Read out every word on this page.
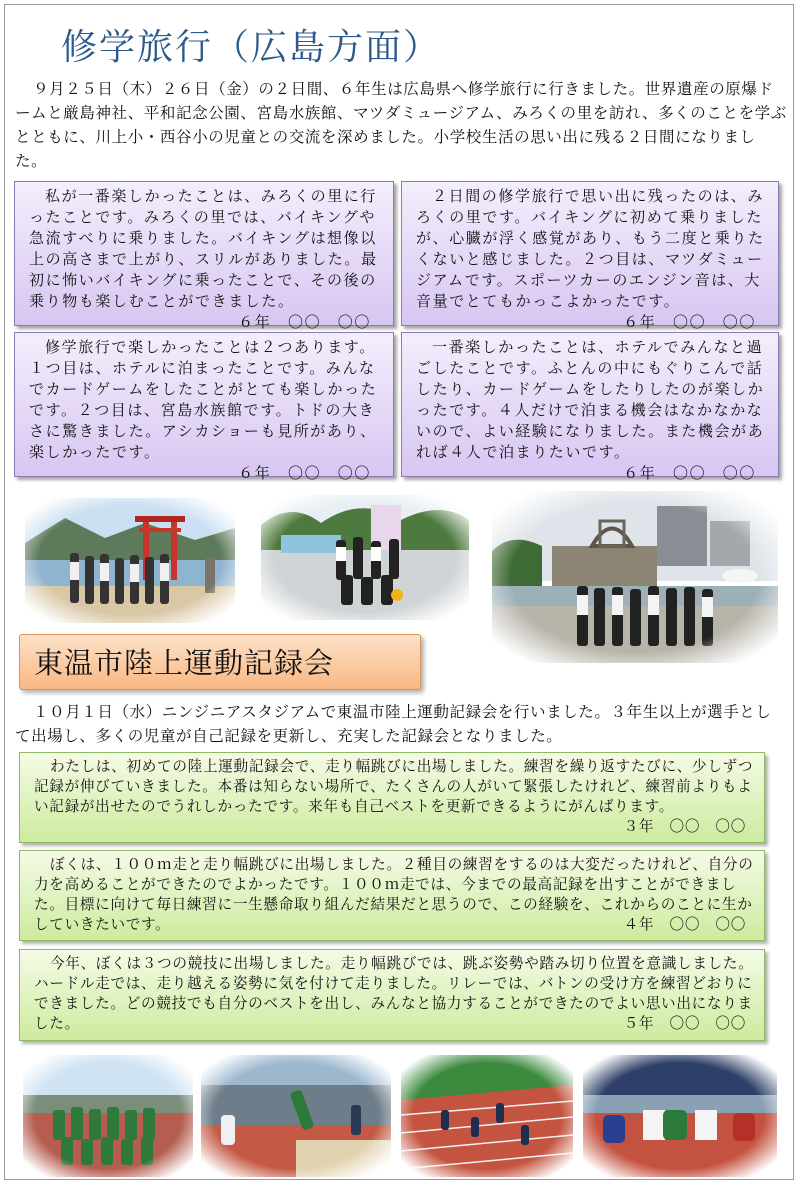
修学旅行（広島方面）
９月２５日（木）２６日（金）の２日間、６年生は広島県へ修学旅行に行きました。世界遺産の原爆ドームと厳島神社、平和記念公園、宮島水族館、マツダミュージアム、みろくの里を訪れ、多くのことを学ぶとともに、川上小・西谷小の児童との交流を深めました。小学校生活の思い出に残る２日間になりました。
私が一番楽しかったことは、みろくの里に行ったことです。みろくの里では、バイキングや急流すべりに乗りました。バイキングは想像以上の高さまで上がり、スリルがありました。最初に怖いバイキングに乗ったことで、その後の乗り物も楽しむことができました。
６年　〇〇　〇〇
２日間の修学旅行で思い出に残ったのは、みろくの里です。バイキングに初めて乗りましたが、心臓が浮く感覚があり、もう二度と乗りたくないと感じました。２つ目は、マツダミュージアムです。スポーツカーのエンジン音は、大音量でとてもかっこよかったです。
６年　〇〇　〇〇
修学旅行で楽しかったことは２つあります。１つ目は、ホテルに泊まったことです。みんなでカードゲームをしたことがとても楽しかったです。２つ目は、宮島水族館です。トドの大きさに驚きました。アシカショーも見所があり、楽しかったです。
６年　〇〇　〇〇
一番楽しかったことは、ホテルでみんなと過ごしたことです。ふとんの中にもぐりこんで話したり、カードゲームをしたりしたのが楽しかったです。４人だけで泊まる機会はなかなかないので、よい経験になりました。また機会があれば４人で泊まりたいです。
６年　〇〇　〇〇
東温市陸上運動記録会
１０月１日（水）ニンジニアスタジアムで東温市陸上運動記録会を行いました。３年生以上が選手として出場し、多くの児童が自己記録を更新し、充実した記録会となりました。
わたしは、初めての陸上運動記録会で、走り幅跳びに出場しました。練習を繰り返すたびに、少しずつ記録が伸びていきました。本番は知らない場所で、たくさんの人がいて緊張したけれど、練習前よりもよい記録が出せたのでうれしかったです。来年も自己ベストを更新できるようにがんばります。
３年　〇〇　〇〇
ぼくは、１００ｍ走と走り幅跳びに出場しました。２種目の練習をするのは大変だったけれど、自分の力を高めることができたのでよかったです。１００ｍ走では、今までの最高記録を出すことができました。目標に向けて毎日練習に一生懸命取り組んだ結果だと思うので、この経験を、これからのことに生かしていきたいです。	４年　〇〇　〇〇
今年、ぼくは３つの競技に出場しました。走り幅跳びでは、跳ぶ姿勢や踏み切り位置を意識しました。ハードル走では、走り越える姿勢に気を付けて走りました。リレーでは、バトンの受け方を練習どおりにできました。どの競技でも自分のベストを出し、みんなと協力することができたのでよい思い出になりました。	５年　〇〇　〇〇
